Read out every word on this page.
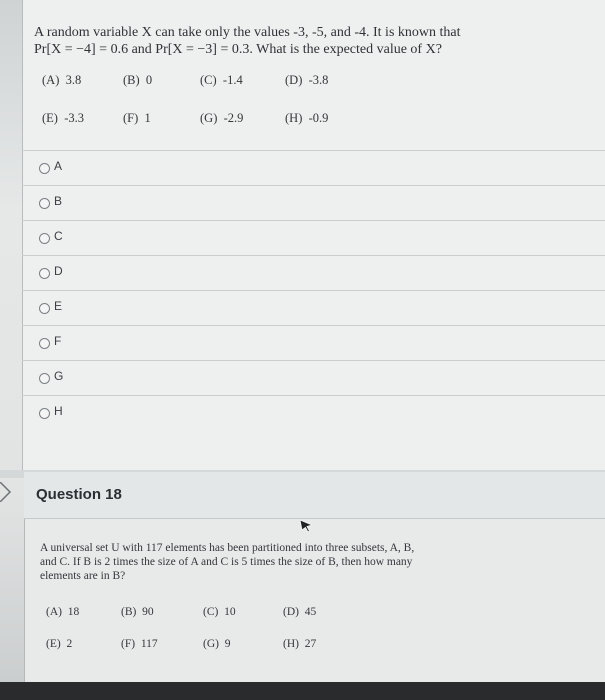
A random variable X can take only the values -3, -5, and -4. It is known that
Pr[X = −4] = 0.6 and Pr[X = −3] = 0.3. What is the expected value of X?
(A) 3.8	(B) 0	(C) -1.4	(D) -3.8
(E) -3.3	(F) 1	(G) -2.9	(H) -0.9
A
B
C
D
E
F
G
H
Question 18
A universal set U with 117 elements has been partitioned into three subsets, A, B,
and C. If B is 2 times the size of A and C is 5 times the size of B, then how many
elements are in B?
(A) 18	(B) 90	(C) 10	(D) 45
(E) 2	(F) 117	(G) 9	(H) 27
